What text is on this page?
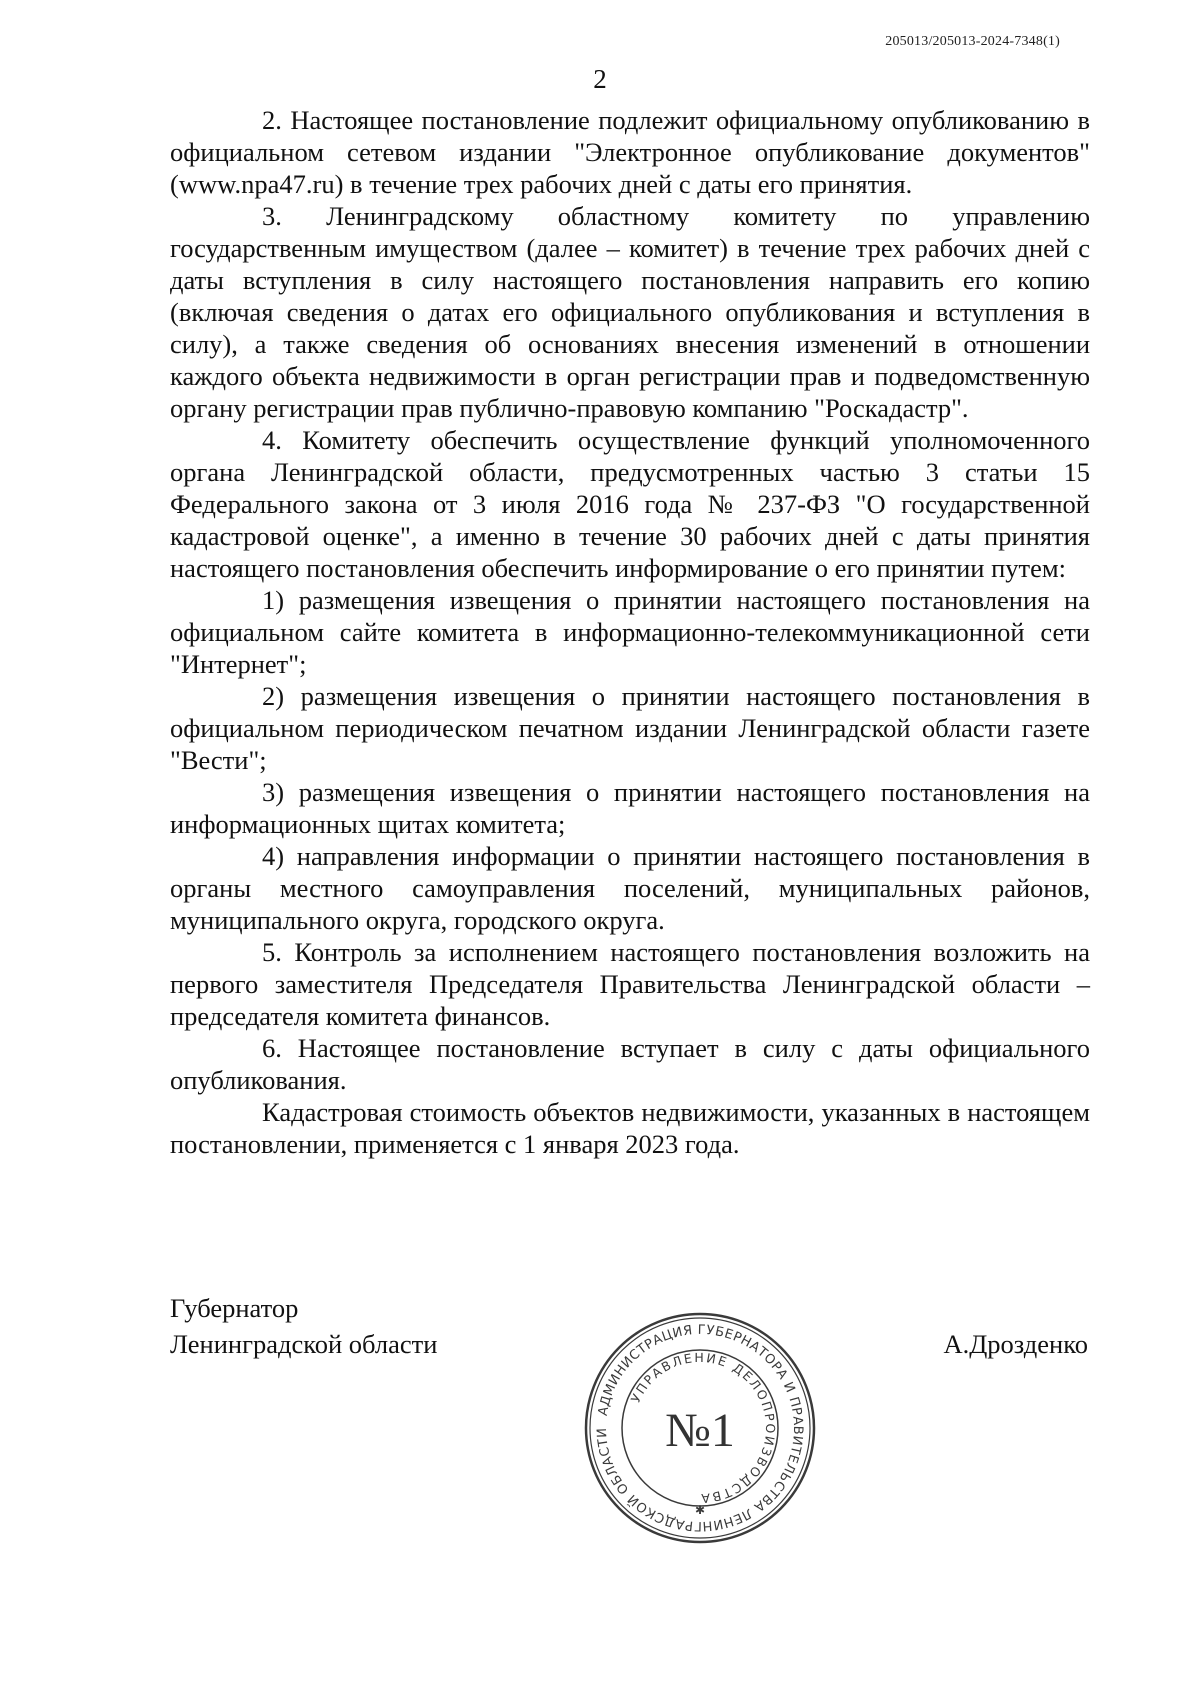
205013/205013-2024-7348(1)
2

2. Настоящее постановление подлежит официальному опубликованию в официальном сетевом издании "Электронное опубликование документов" (www.npa47.ru) в течение трех рабочих дней с даты его принятия.

3. Ленинградскому областному комитету по управлению государственным имуществом (далее – комитет) в течение трех рабочих дней с даты вступления в силу настоящего постановления направить его копию (включая сведения о датах его официального опубликования и вступления в силу), а также сведения об основаниях внесения изменений в отношении каждого объекта недвижимости в орган регистрации прав и подведомственную органу регистрации прав публично-правовую компанию "Роскадастр".

4. Комитету обеспечить осуществление функций уполномоченного органа Ленинградской области, предусмотренных частью 3 статьи 15 Федерального закона от 3 июля 2016 года № 237-ФЗ "О государственной кадастровой оценке", а именно в течение 30 рабочих дней с даты принятия настоящего постановления обеспечить информирование о его принятии путем:

1) размещения извещения о принятии настоящего постановления на официальном сайте комитета в информационно-телекоммуникационной сети "Интернет";

2) размещения извещения о принятии настоящего постановления в официальном периодическом печатном издании Ленинградской области газете "Вести";

3) размещения извещения о принятии настоящего постановления на информационных щитах комитета;

4) направления информации о принятии настоящего постановления в органы местного самоуправления поселений, муниципальных районов, муниципального округа, городского округа.

5. Контроль за исполнением настоящего постановления возложить на первого заместителя Председателя Правительства Ленинградской области – председателя комитета финансов.

6. Настоящее постановление вступает в силу с даты официального опубликования.

Кадастровая стоимость объектов недвижимости, указанных в настоящем постановлении, применяется с 1 января 2023 года.

Губернатор
Ленинградской области	А.Дрозденко
АДМИНИСТРАЦИЯ ГУБЕРНАТОРА И ПРАВИТЕЛЬСТВА ЛЕНИНГРАДСКОЙ ОБЛАСТИ
УПРАВЛЕНИЕ ДЕЛОПРОИЗВОДСТВА
№1
✱
